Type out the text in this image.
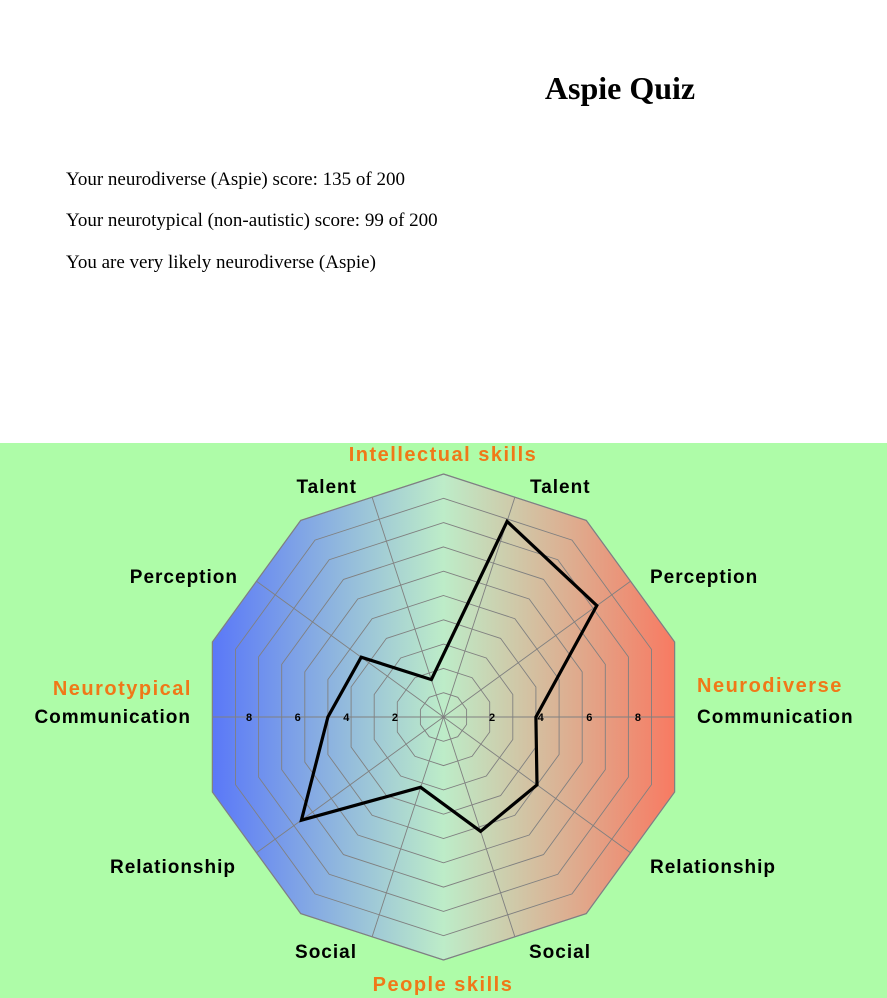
Aspie Quiz

Your neurodiverse (Aspie) score: 135 of 200

Your neurotypical (non-autistic) score: 99 of 200

You are very likely neurodiverse (Aspie)

8	6	4	2	2	4	6	8
Talent
Perception
Communication
Relationship
Social
Social
Relationship
Communication
Perception
Talent
Intellectual skills
People skills
Neurotypical	Neurodiverse
